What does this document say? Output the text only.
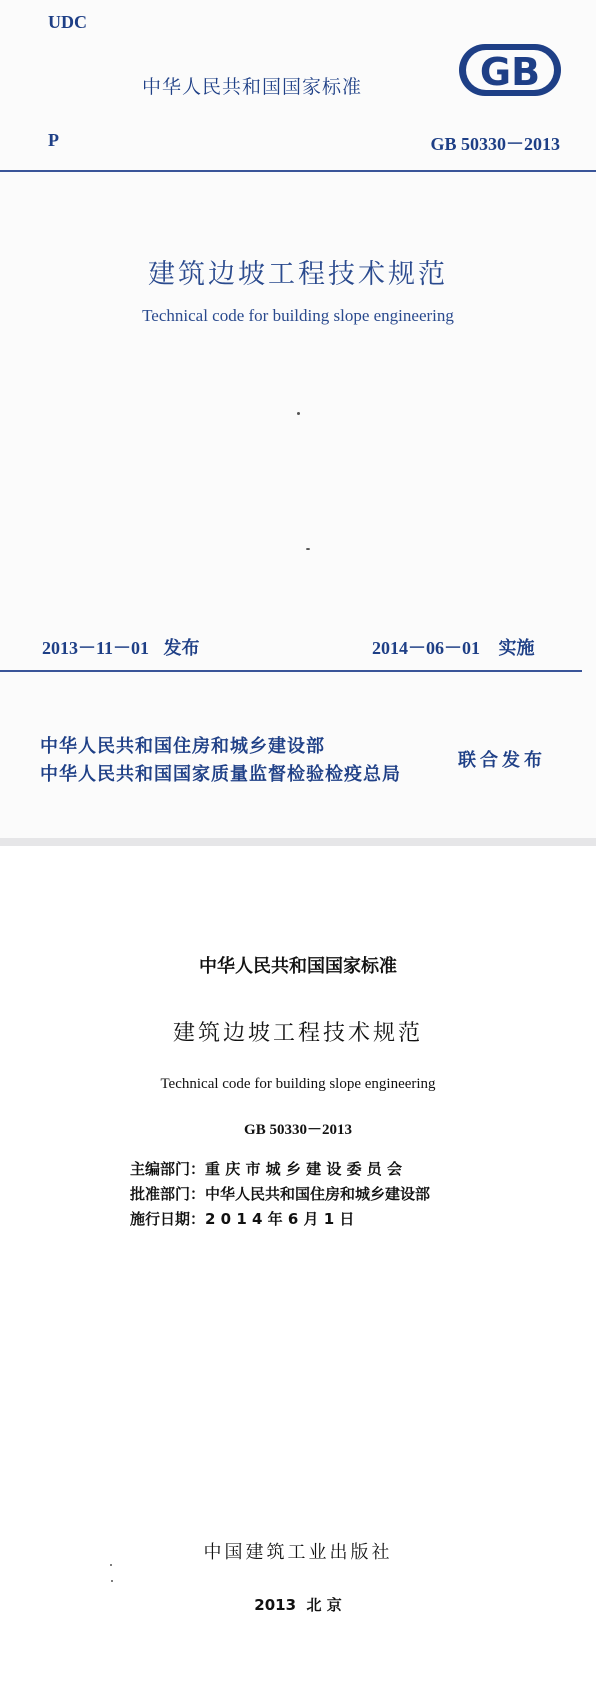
UDC
中华人民共和国国家标准	GB
P	GB 50330－2013
建筑边坡工程技术规范
Technical code for building slope engineering
2013－11－01 发布	2014－06－01 实施
中华人民共和国住房和城乡建设部
中华人民共和国国家质量监督检验检疫总局
联合发布
中华人民共和国国家标准
建筑边坡工程技术规范
Technical code for building slope engineering
GB 50330－2013
主编部门：重 庆 市 城 乡 建 设 委 员 会
批准部门：中华人民共和国住房和城乡建设部
施行日期：2 0 1 4 年 6 月 1 日
中国建筑工业出版社
2013  北 京
